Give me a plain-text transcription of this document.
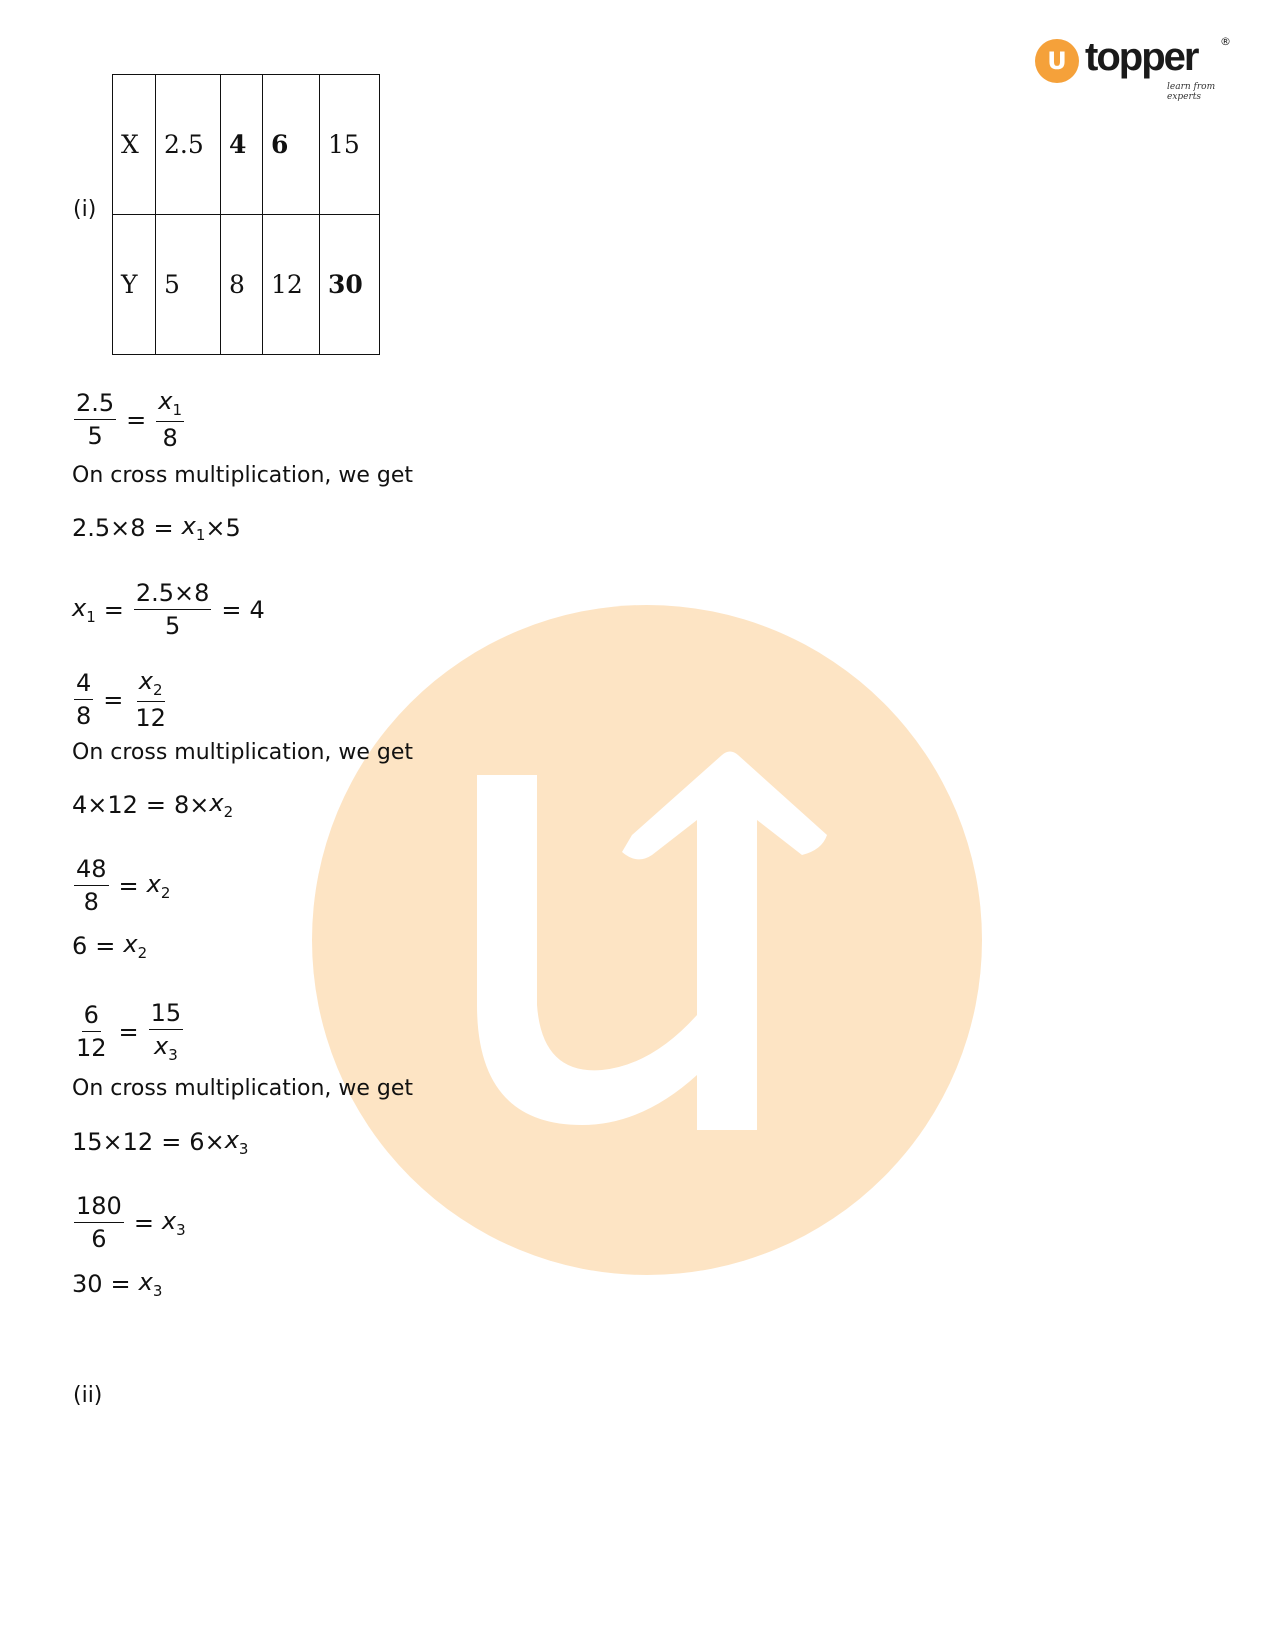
U topper ®
learn from experts
(i)
X	2.5	4	6	15
Y	5	8	12	30
$\frac{2.5}{5} = \frac{x_1}{8}$
On cross multiplication, we get
$2.5\times 8 = x_1 \times 5$
$x_1 = \frac{2.5\times 8}{5} = 4$
$\frac{4}{8} = \frac{x_2}{12}$
On cross multiplication, we get
$4\times 12 = 8\times x_2$
$\frac{48}{8} = x_2$
$6 = x_2$
$\frac{6}{12} = \frac{15}{x_3}$
On cross multiplication, we get
$15\times 12 = 6\times x_3$
$\frac{180}{6} = x_3$
$30 = x_3$
(ii)
